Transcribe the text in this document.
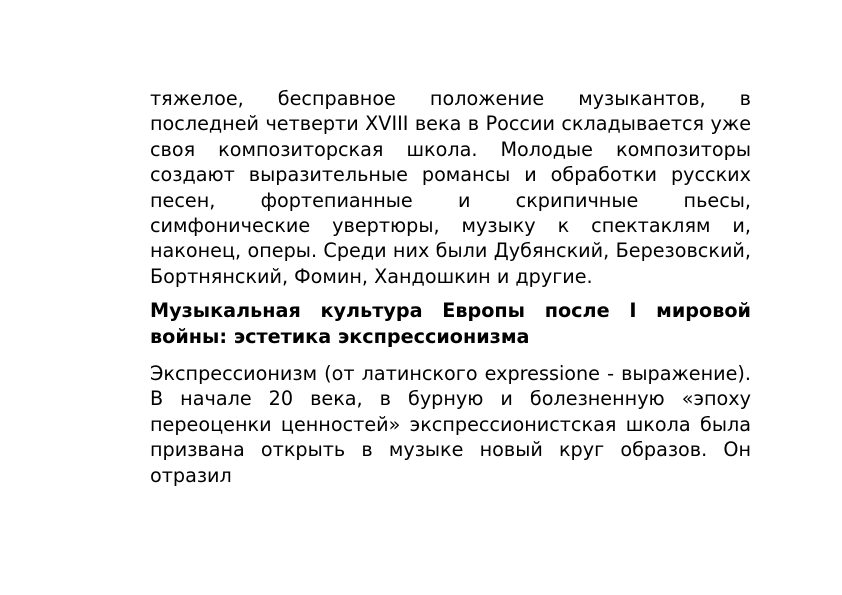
тяжелое, бесправное положение музыкантов, в последней четверти XVIII века в России складывается уже своя композиторская школа. Молодые композиторы создают выразительные романсы и обработки русских песен, фортепианные и скрипичные пьесы, симфонические увертюры, музыку к спектаклям и, наконец, оперы. Среди них были Дубянский, Березовский, Бортнянский, Фомин, Хандошкин и другие.

Музыкальная культура Европы после I мировой войны: эстетика экспрессионизма

Экспрессионизм (от латинского expressione - выражение). В начале 20 века, в бурную и болезненную «эпоху переоценки ценностей» экспрессионистская школа была призвана открыть в музыке новый круг образов. Он отразил
